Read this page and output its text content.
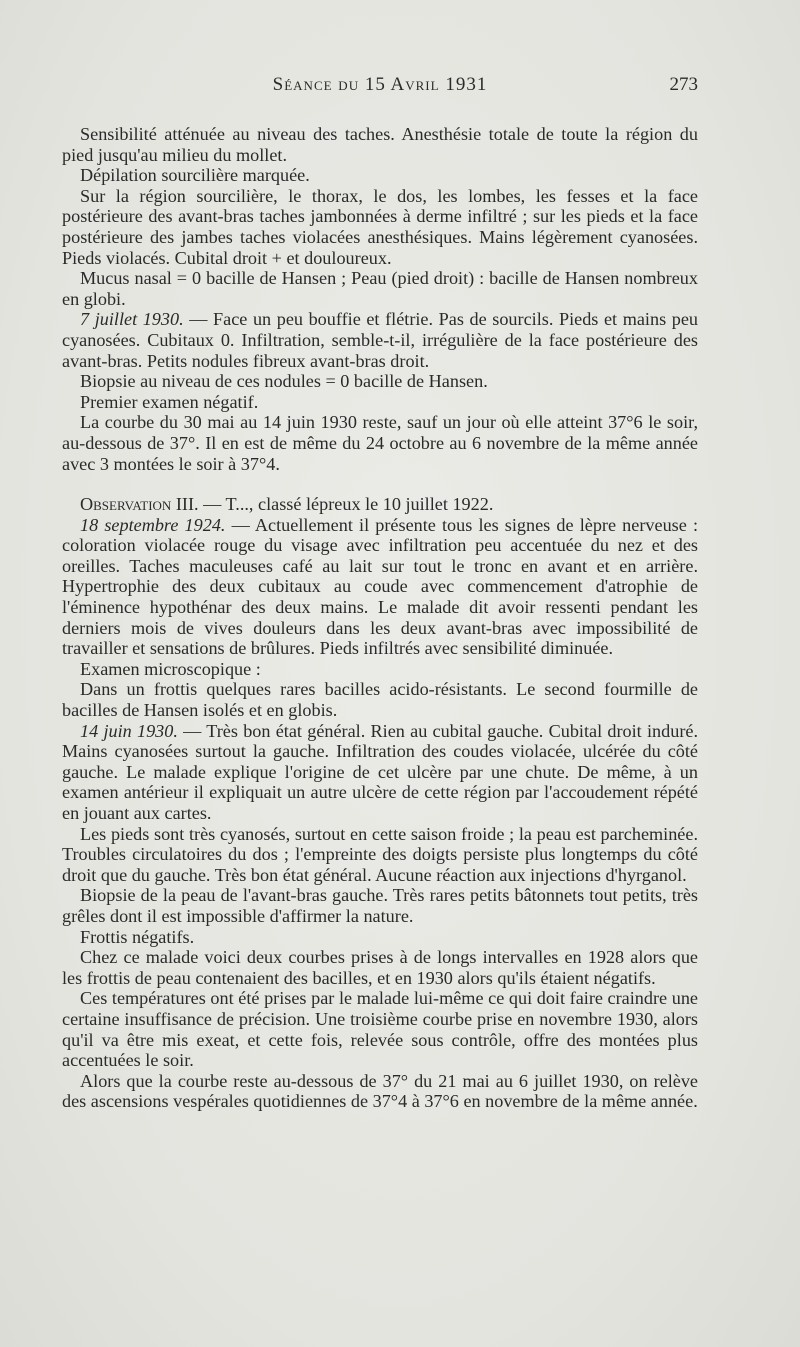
Séance du 15 Avril 1931	273

Sensibilité atténuée au niveau des taches. Anesthésie totale de toute la région du pied jusqu'au milieu du mollet.

Dépilation sourcilière marquée.

Sur la région sourcilière, le thorax, le dos, les lombes, les fesses et la face postérieure des avant-bras taches jambonnées à derme infiltré ; sur les pieds et la face postérieure des jambes taches violacées anesthésiques. Mains légèrement cyanosées. Pieds violacés. Cubital droit + et douloureux.

Mucus nasal = 0 bacille de Hansen ; Peau (pied droit) : bacille de Hansen nombreux en globi.

7 juillet 1930. — Face un peu bouffie et flétrie. Pas de sourcils. Pieds et mains peu cyanosées. Cubitaux 0. Infiltration, semble-t-il, irrégulière de la face postérieure des avant-bras. Petits nodules fibreux avant-bras droit.

Biopsie au niveau de ces nodules = 0 bacille de Hansen.

Premier examen négatif.

La courbe du 30 mai au 14 juin 1930 reste, sauf un jour où elle atteint 37°6 le soir, au-dessous de 37°. Il en est de même du 24 octobre au 6 novembre de la même année avec 3 montées le soir à 37°4.

Observation III. — T..., classé lépreux le 10 juillet 1922.

18 septembre 1924. — Actuellement il présente tous les signes de lèpre nerveuse : coloration violacée rouge du visage avec infiltration peu accentuée du nez et des oreilles. Taches maculeuses café au lait sur tout le tronc en avant et en arrière. Hypertrophie des deux cubitaux au coude avec commencement d'atrophie de l'éminence hypothénar des deux mains. Le malade dit avoir ressenti pendant les derniers mois de vives douleurs dans les deux avant-bras avec impossibilité de travailler et sensations de brûlures. Pieds infiltrés avec sensibilité diminuée.

Examen microscopique :

Dans un frottis quelques rares bacilles acido-résistants. Le second fourmille de bacilles de Hansen isolés et en globis.

14 juin 1930. — Très bon état général. Rien au cubital gauche. Cubital droit induré. Mains cyanosées surtout la gauche. Infiltration des coudes violacée, ulcérée du côté gauche. Le malade explique l'origine de cet ulcère par une chute. De même, à un examen antérieur il expliquait un autre ulcère de cette région par l'accoudement répété en jouant aux cartes.

Les pieds sont très cyanosés, surtout en cette saison froide ; la peau est parcheminée. Troubles circulatoires du dos ; l'empreinte des doigts persiste plus longtemps du côté droit que du gauche. Très bon état général. Aucune réaction aux injections d'hyrganol.

Biopsie de la peau de l'avant-bras gauche. Très rares petits bâtonnets tout petits, très grêles dont il est impossible d'affirmer la nature.

Frottis négatifs.

Chez ce malade voici deux courbes prises à de longs intervalles en 1928 alors que les frottis de peau contenaient des bacilles, et en 1930 alors qu'ils étaient négatifs.

Ces températures ont été prises par le malade lui-même ce qui doit faire craindre une certaine insuffisance de précision. Une troisième courbe prise en novembre 1930, alors qu'il va être mis exeat, et cette fois, relevée sous contrôle, offre des montées plus accentuées le soir.

Alors que la courbe reste au-dessous de 37° du 21 mai au 6 juillet 1930, on relève des ascensions vespérales quotidiennes de 37°4 à 37°6 en novembre de la même année.
